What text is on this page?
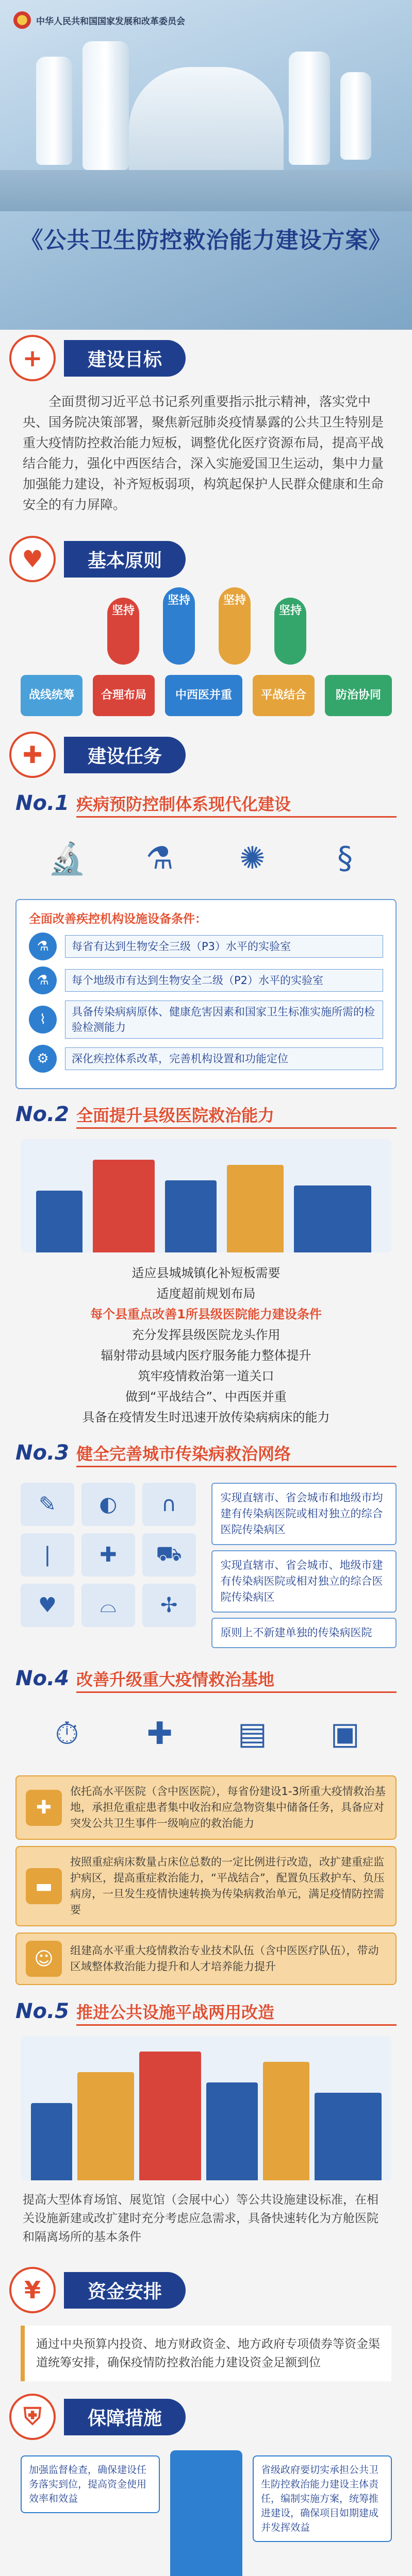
中华人民共和国国家发展和改革委员会
《公共卫生防控救治能力建设方案》
+	建设目标

全面贯彻习近平总书记系列重要指示批示精神，落实党中央、国务院决策部署，聚焦新冠肺炎疫情暴露的公共卫生特别是重大疫情防控救治能力短板，调整优化医疗资源布局，提高平战结合能力，强化中西医结合，深入实施爱国卫生运动，集中力量加强能力建设，补齐短板弱项，构筑起保护人民群众健康和生命安全的有力屏障。

♥	基本原则
坚持
坚持	坚持
坚持
战线统筹	合理布局	中西医并重	平战结合	防治协同
✚	建设任务
No.1 疾病预防控制体系现代化建设
🔬	⚗	✺	§
全面改善疾控机构设施设备条件：
⚗	每省有达到生物安全三级（P3）水平的实验室
⚗	每个地级市有达到生物安全二级（P2）水平的实验室
⌇	具备传染病病原体、健康危害因素和国家卫生标准实施所需的检验检测能力
⚙	深化疾控体系改革，完善机构设置和功能定位
No.2 全面提升县级医院救治能力
适应县城城镇化补短板需要
适度超前规划布局
每个县重点改善1所县级医院能力建设条件
充分发挥县级医院龙头作用
辐射带动县域内医疗服务能力整体提升
筑牢疫情救治第一道关口
做到“平战结合”、中西医并重
具备在疫情发生时迅速开放传染病病床的能力
No.3 健全完善城市传染病救治网络
✎	◐	∩
❘	✚	⛟
♥	⌓	✢
实现直辖市、省会城市和地级市均建有传染病医院或相对独立的综合医院传染病区
实现直辖市、省会城市、地级市建有传染病医院或相对独立的综合医院传染病区
原则上不新建单独的传染病医院
No.4 改善升级重大疫情救治基地
⏱	✚	▤	▣
✚
依托高水平医院（含中医医院），每省份建设1-3所重大疫情救治基地，承担危重症患者集中收治和应急物资集中储备任务，具备应对突发公共卫生事件一级响应的救治能力
▬
按照重症病床数量占床位总数的一定比例进行改造，改扩建重症监护病区，提高重症救治能力，“平战结合”，配置负压救护车、负压病房，一旦发生疫情快速转换为传染病救治单元，满足疫情防控需要
☺	组建高水平重大疫情救治专业技术队伍（含中医医疗队伍），带动区域整体救治能力提升和人才培养能力提升
No.5 推进公共设施平战两用改造

提高大型体育场馆、展览馆（会展中心）等公共设施建设标准，在相关设施新建或改扩建时充分考虑应急需求，具备快速转化为方舱医院和隔离场所的基本条件

¥	资金安排
通过中央预算内投资、地方财政资金、地方政府专项债券等资金渠道统筹安排，确保疫情防控救治能力建设资金足额到位
⛨	保障措施
省级政府要切实承担公共卫生防控救治能力建设主体责任，编制实施方案，统筹推进建设，确保项目如期建成并发挥效益
加强监督检查，确保建设任务落实到位，提高资金使用效率和效益
